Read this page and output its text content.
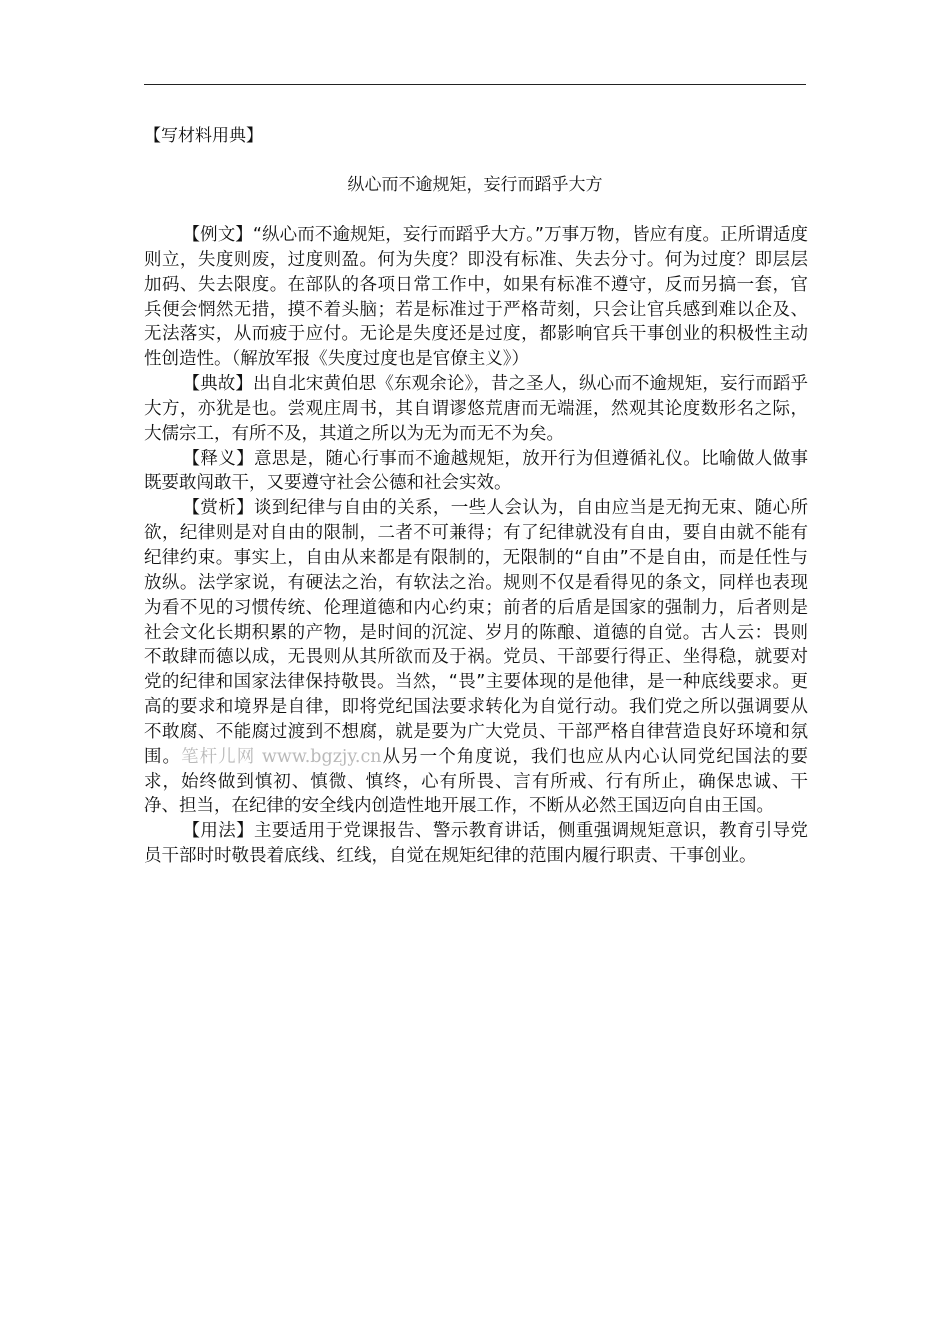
【写材料用典】
纵心而不逾规矩，妄行而蹈乎大方

【例文】“纵心而不逾规矩，妄行而蹈乎大方。”万事万物，皆应有度。正所谓适度则立，失度则废，过度则盈。何为失度？即没有标准、失去分寸。何为过度？即层层加码、失去限度。在部队的各项日常工作中，如果有标准不遵守，反而另搞一套，官兵便会惘然无措，摸不着头脑；若是标准过于严格苛刻，只会让官兵感到难以企及、无法落实，从而疲于应付。无论是失度还是过度，都影响官兵干事创业的积极性主动性创造性。（解放军报《失度过度也是官僚主义》）

【典故】出自北宋黄伯思《东观余论》，昔之圣人，纵心而不逾规矩，妄行而蹈乎大方，亦犹是也。尝观庄周书，其自谓谬悠荒唐而无端涯，然观其论度数形名之际，大儒宗工，有所不及，其道之所以为无为而无不为矣。

【释义】意思是，随心行事而不逾越规矩，放开行为但遵循礼仪。比喻做人做事既要敢闯敢干，又要遵守社会公德和社会实效。

【赏析】谈到纪律与自由的关系，一些人会认为，自由应当是无拘无束、随心所欲，纪律则是对自由的限制，二者不可兼得；有了纪律就没有自由，要自由就不能有纪律约束。事实上，自由从来都是有限制的，无限制的“自由”不是自由，而是任性与放纵。法学家说，有硬法之治，有软法之治。规则不仅是看得见的条文，同样也表现为看不见的习惯传统、伦理道德和内心约束；前者的后盾是国家的强制力，后者则是社会文化长期积累的产物，是时间的沉淀、岁月的陈酿、道德的自觉。古人云：畏则不敢肆而德以成，无畏则从其所欲而及于祸。党员、干部要行得正、坐得稳，就要对党的纪律和国家法律保持敬畏。当然，“畏”主要体现的是他律，是一种底线要求。更高的要求和境界是自律，即将党纪国法要求转化为自觉行动。我们党之所以强调要从不敢腐、不能腐过渡到不想腐，就是要为广大党员、干部严格自律营造良好环境和氛围。笔杆儿网 www.bgzjy.cn从另一个角度说，我们也应从内心认同党纪国法的要求，始终做到慎初、慎微、慎终，心有所畏、言有所戒、行有所止，确保忠诚、干净、担当，在纪律的安全线内创造性地开展工作，不断从必然王国迈向自由王国。

【用法】主要适用于党课报告、警示教育讲话，侧重强调规矩意识，教育引导党员干部时时敬畏着底线、红线，自觉在规矩纪律的范围内履行职责、干事创业。
